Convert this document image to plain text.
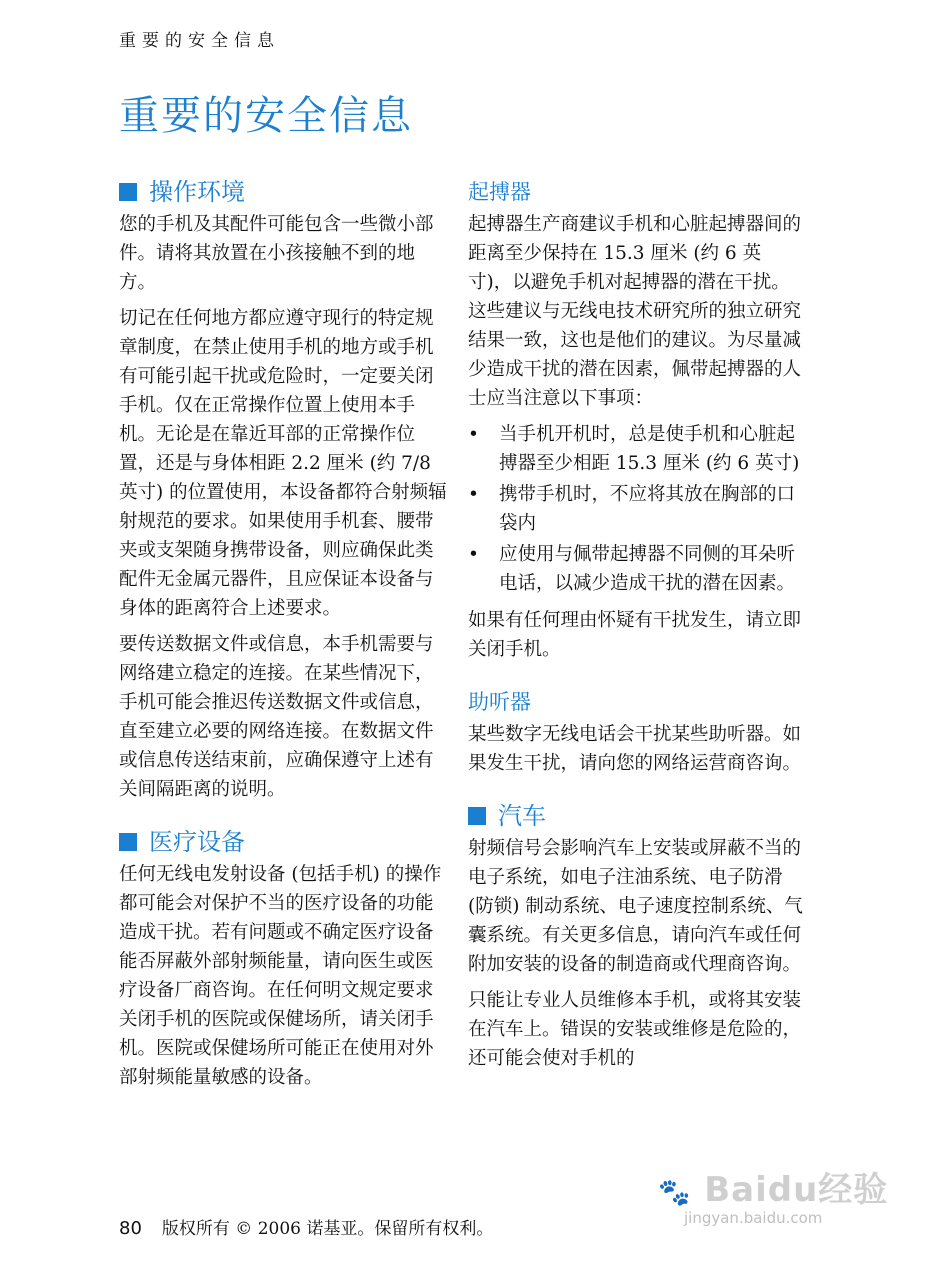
重要的安全信息
重要的安全信息
操作环境

您的手机及其配件可能包含一些微小部件。请将其放置在小孩接触不到的地方。

切记在任何地方都应遵守现行的特定规章制度，在禁止使用手机的地方或手机有可能引起干扰或危险时，一定要关闭手机。仅在正常操作位置上使用本手机。无论是在靠近耳部的正常操作位置，还是与身体相距 2.2 厘米 (约 7/8 英寸) 的位置使用，本设备都符合射频辐射规范的要求。如果使用手机套、腰带夹或支架随身携带设备，则应确保此类配件无金属元器件，且应保证本设备与身体的距离符合上述要求。

要传送数据文件或信息，本手机需要与网络建立稳定的连接。在某些情况下，手机可能会推迟传送数据文件或信息，直至建立必要的网络连接。在数据文件或信息传送结束前，应确保遵守上述有关间隔距离的说明。

医疗设备

任何无线电发射设备 (包括手机) 的操作都可能会对保护不当的医疗设备的功能造成干扰。若有问题或不确定医疗设备能否屏蔽外部射频能量，请向医生或医疗设备厂商咨询。在任何明文规定要求关闭手机的医院或保健场所，请关闭手机。医院或保健场所可能正在使用对外部射频能量敏感的设备。

起搏器

起搏器生产商建议手机和心脏起搏器间的距离至少保持在 15.3 厘米 (约 6 英寸)，以避免手机对起搏器的潜在干扰。这些建议与无线电技术研究所的独立研究结果一致，这也是他们的建议。为尽量减少造成干扰的潜在因素，佩带起搏器的人士应当注意以下事项：

• 当手机开机时，总是使手机和心脏起搏器至少相距 15.3 厘米 (约 6 英寸)
• 携带手机时，不应将其放在胸部的口袋内
• 应使用与佩带起搏器不同侧的耳朵听电话，以减少造成干扰的潜在因素。

如果有任何理由怀疑有干扰发生，请立即关闭手机。

助听器

某些数字无线电话会干扰某些助听器。如果发生干扰，请向您的网络运营商咨询。

汽车

射频信号会影响汽车上安装或屏蔽不当的电子系统，如电子注油系统、电子防滑 (防锁) 制动系统、电子速度控制系统、气囊系统。有关更多信息，请向汽车或任何附加安装的设备的制造商或代理商咨询。

只能让专业人员维修本手机，或将其安装在汽车上。错误的安装或维修是危险的，还可能会使对手机的

🐾 Baidu经验
jingyan.baidu.com
80 版权所有 © 2006 诺基亚。保留所有权利。
